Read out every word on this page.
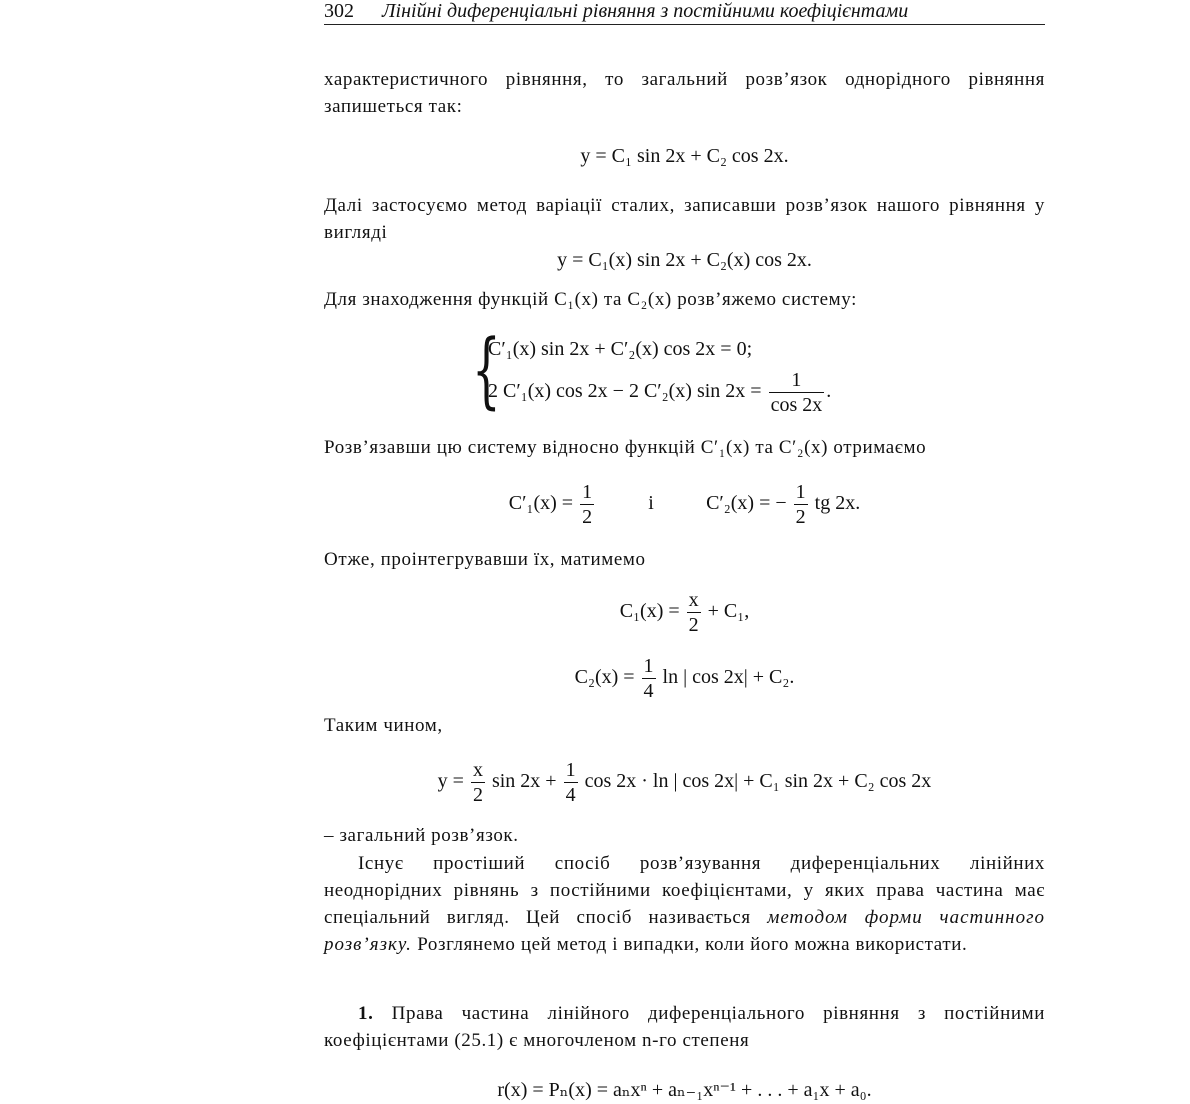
302 Лінійні диференціальні рівняння з постійними коефіцієнтами
характеристичного рівняння, то загальний розв’язок однорідного рівняння запишеться так:
y = C₁ sin 2x + C₂ cos 2x.
Далі застосуємо метод варіації сталих, записавши розв’язок нашого рівняння у вигляді
y = C₁(x) sin 2x + C₂(x) cos 2x.
Для знаходження функцій C₁(x) та C₂(x) розв’яжемо систему:
{
C′₁(x) sin 2x + C′₂(x) cos 2x = 0;
2 C′₁(x) cos 2x − 2 C′₂(x) $\sin 2x = \frac{1}{\cos 2x}$ .
Розв’язавши цю систему відносно функцій C′₁(x) та C′₂(x) отримаємо
$C'_1(x) = \frac{1}{2}$	і	C′₂(x) = − $\frac{1}{2}$ tg 2x.
Отже, проінтегрувавши їх, матимемо
$C_1(x) = \frac{x}{2} + C_1$,
$C_2(x) = \frac{1}{4}$ ln | cos 2x| + C₂.
Таким чином,
$y = \frac{x}{2}$ $\sin 2x + \frac{1}{4}$ cos 2x · ln | cos 2x| + C₁ sin 2x + C₂ cos 2x
– загальний розв’язок.
Існує простіший спосіб розв’язування диференціальних лінійних неоднорідних рівнянь з постійними коефіцієнтами, у яких права частина має спеціальний вигляд. Цей спосіб називається методом форми частинного розв’язку. Розглянемо цей метод і випадки, коли його можна використати.
1. Права частина лінійного диференціального рівняння з постійними коефіцієнтами (25.1) є многочленом n-го степеня
r(x) = Pₙ(x) = aₙxⁿ + aₙ₋₁xⁿ⁻¹ + . . . + a₁x + a₀.
